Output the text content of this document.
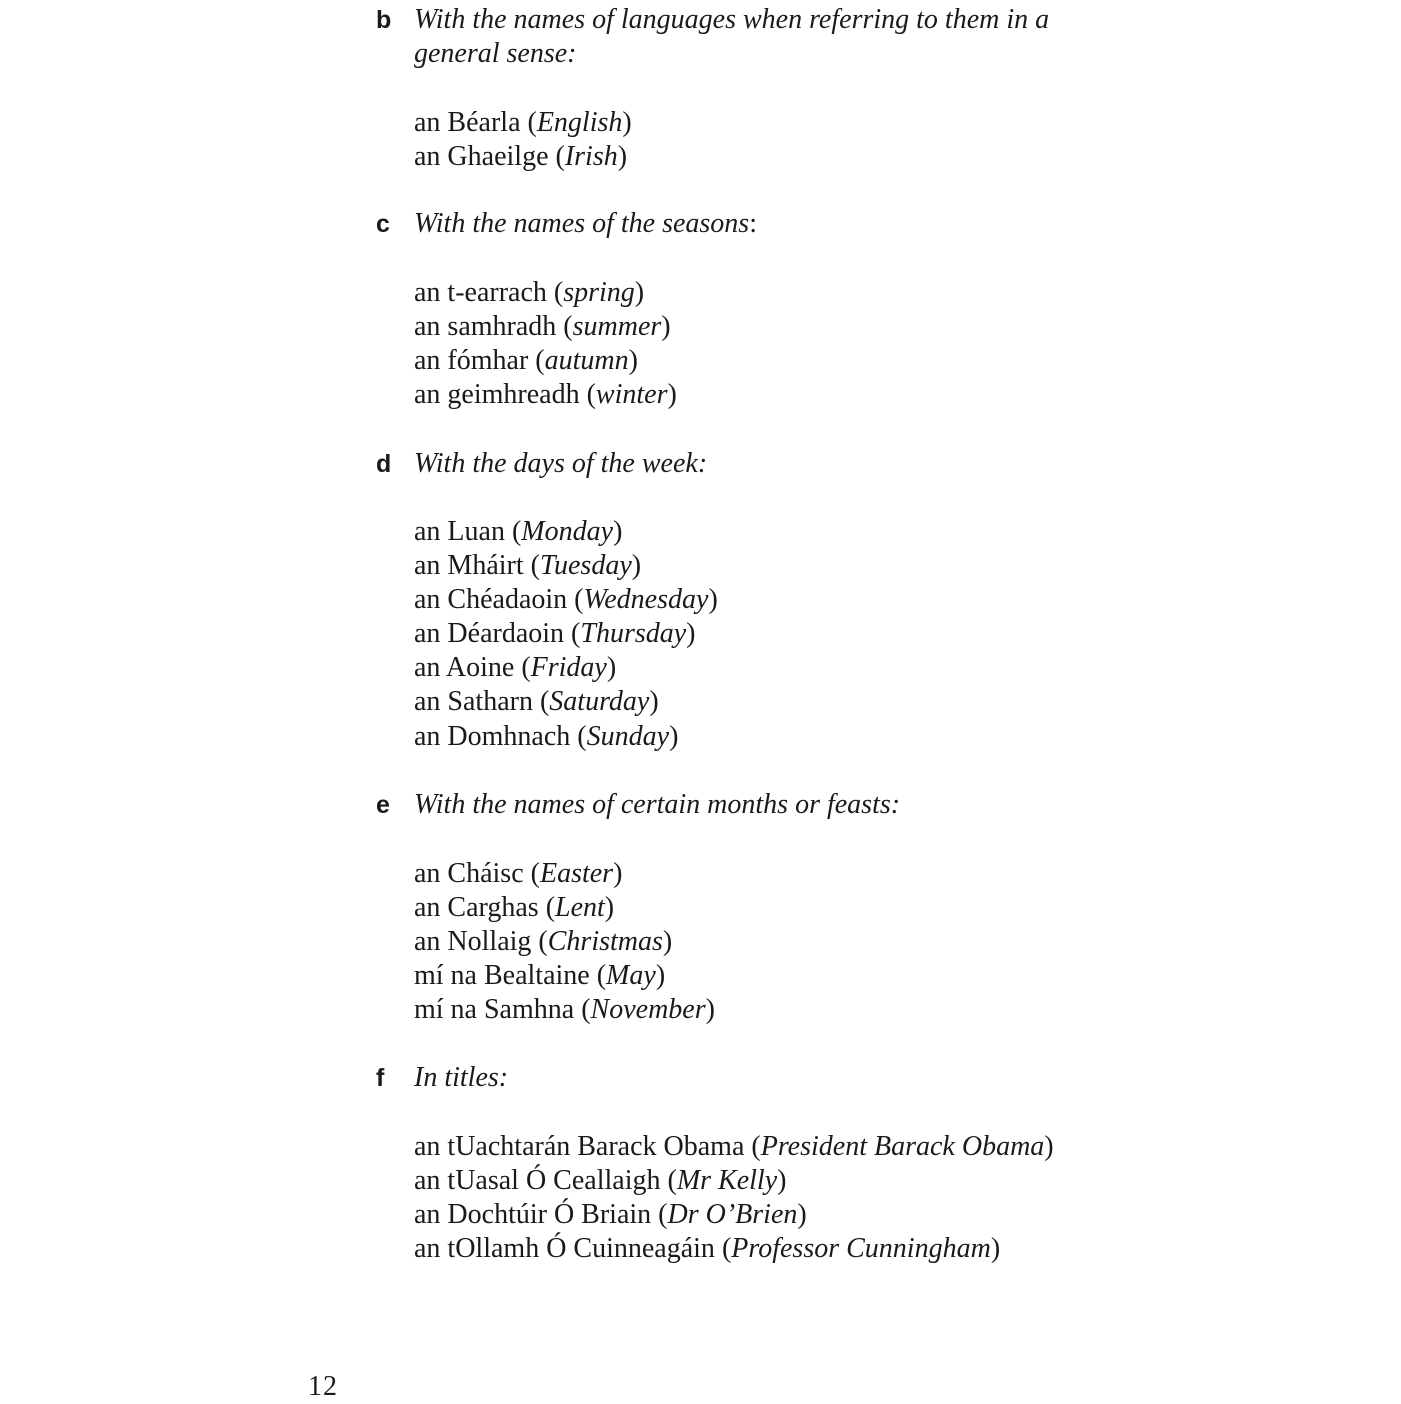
b With the names of languages when referring to them in a general sense:
an Béarla (English)
an Ghaeilge (Irish)
c With the names of the seasons:
an t-earrach (spring)
an samhradh (summer)
an fómhar (autumn)
an geimhreadh (winter)
d With the days of the week:
an Luan (Monday)
an Mháirt (Tuesday)
an Chéadaoin (Wednesday)
an Déardaoin (Thursday)
an Aoine (Friday)
an Satharn (Saturday)
an Domhnach (Sunday)
e With the names of certain months or feasts:
an Cháisc (Easter)
an Carghas (Lent)
an Nollaig (Christmas)
mí na Bealtaine (May)
mí na Samhna (November)
f In titles:
an tUachtarán Barack Obama (President Barack Obama)
an tUasal Ó Ceallaigh (Mr Kelly)
an Dochtúir Ó Briain (Dr O’Brien)
an tOllamh Ó Cuinneagáin (Professor Cunningham)
12
